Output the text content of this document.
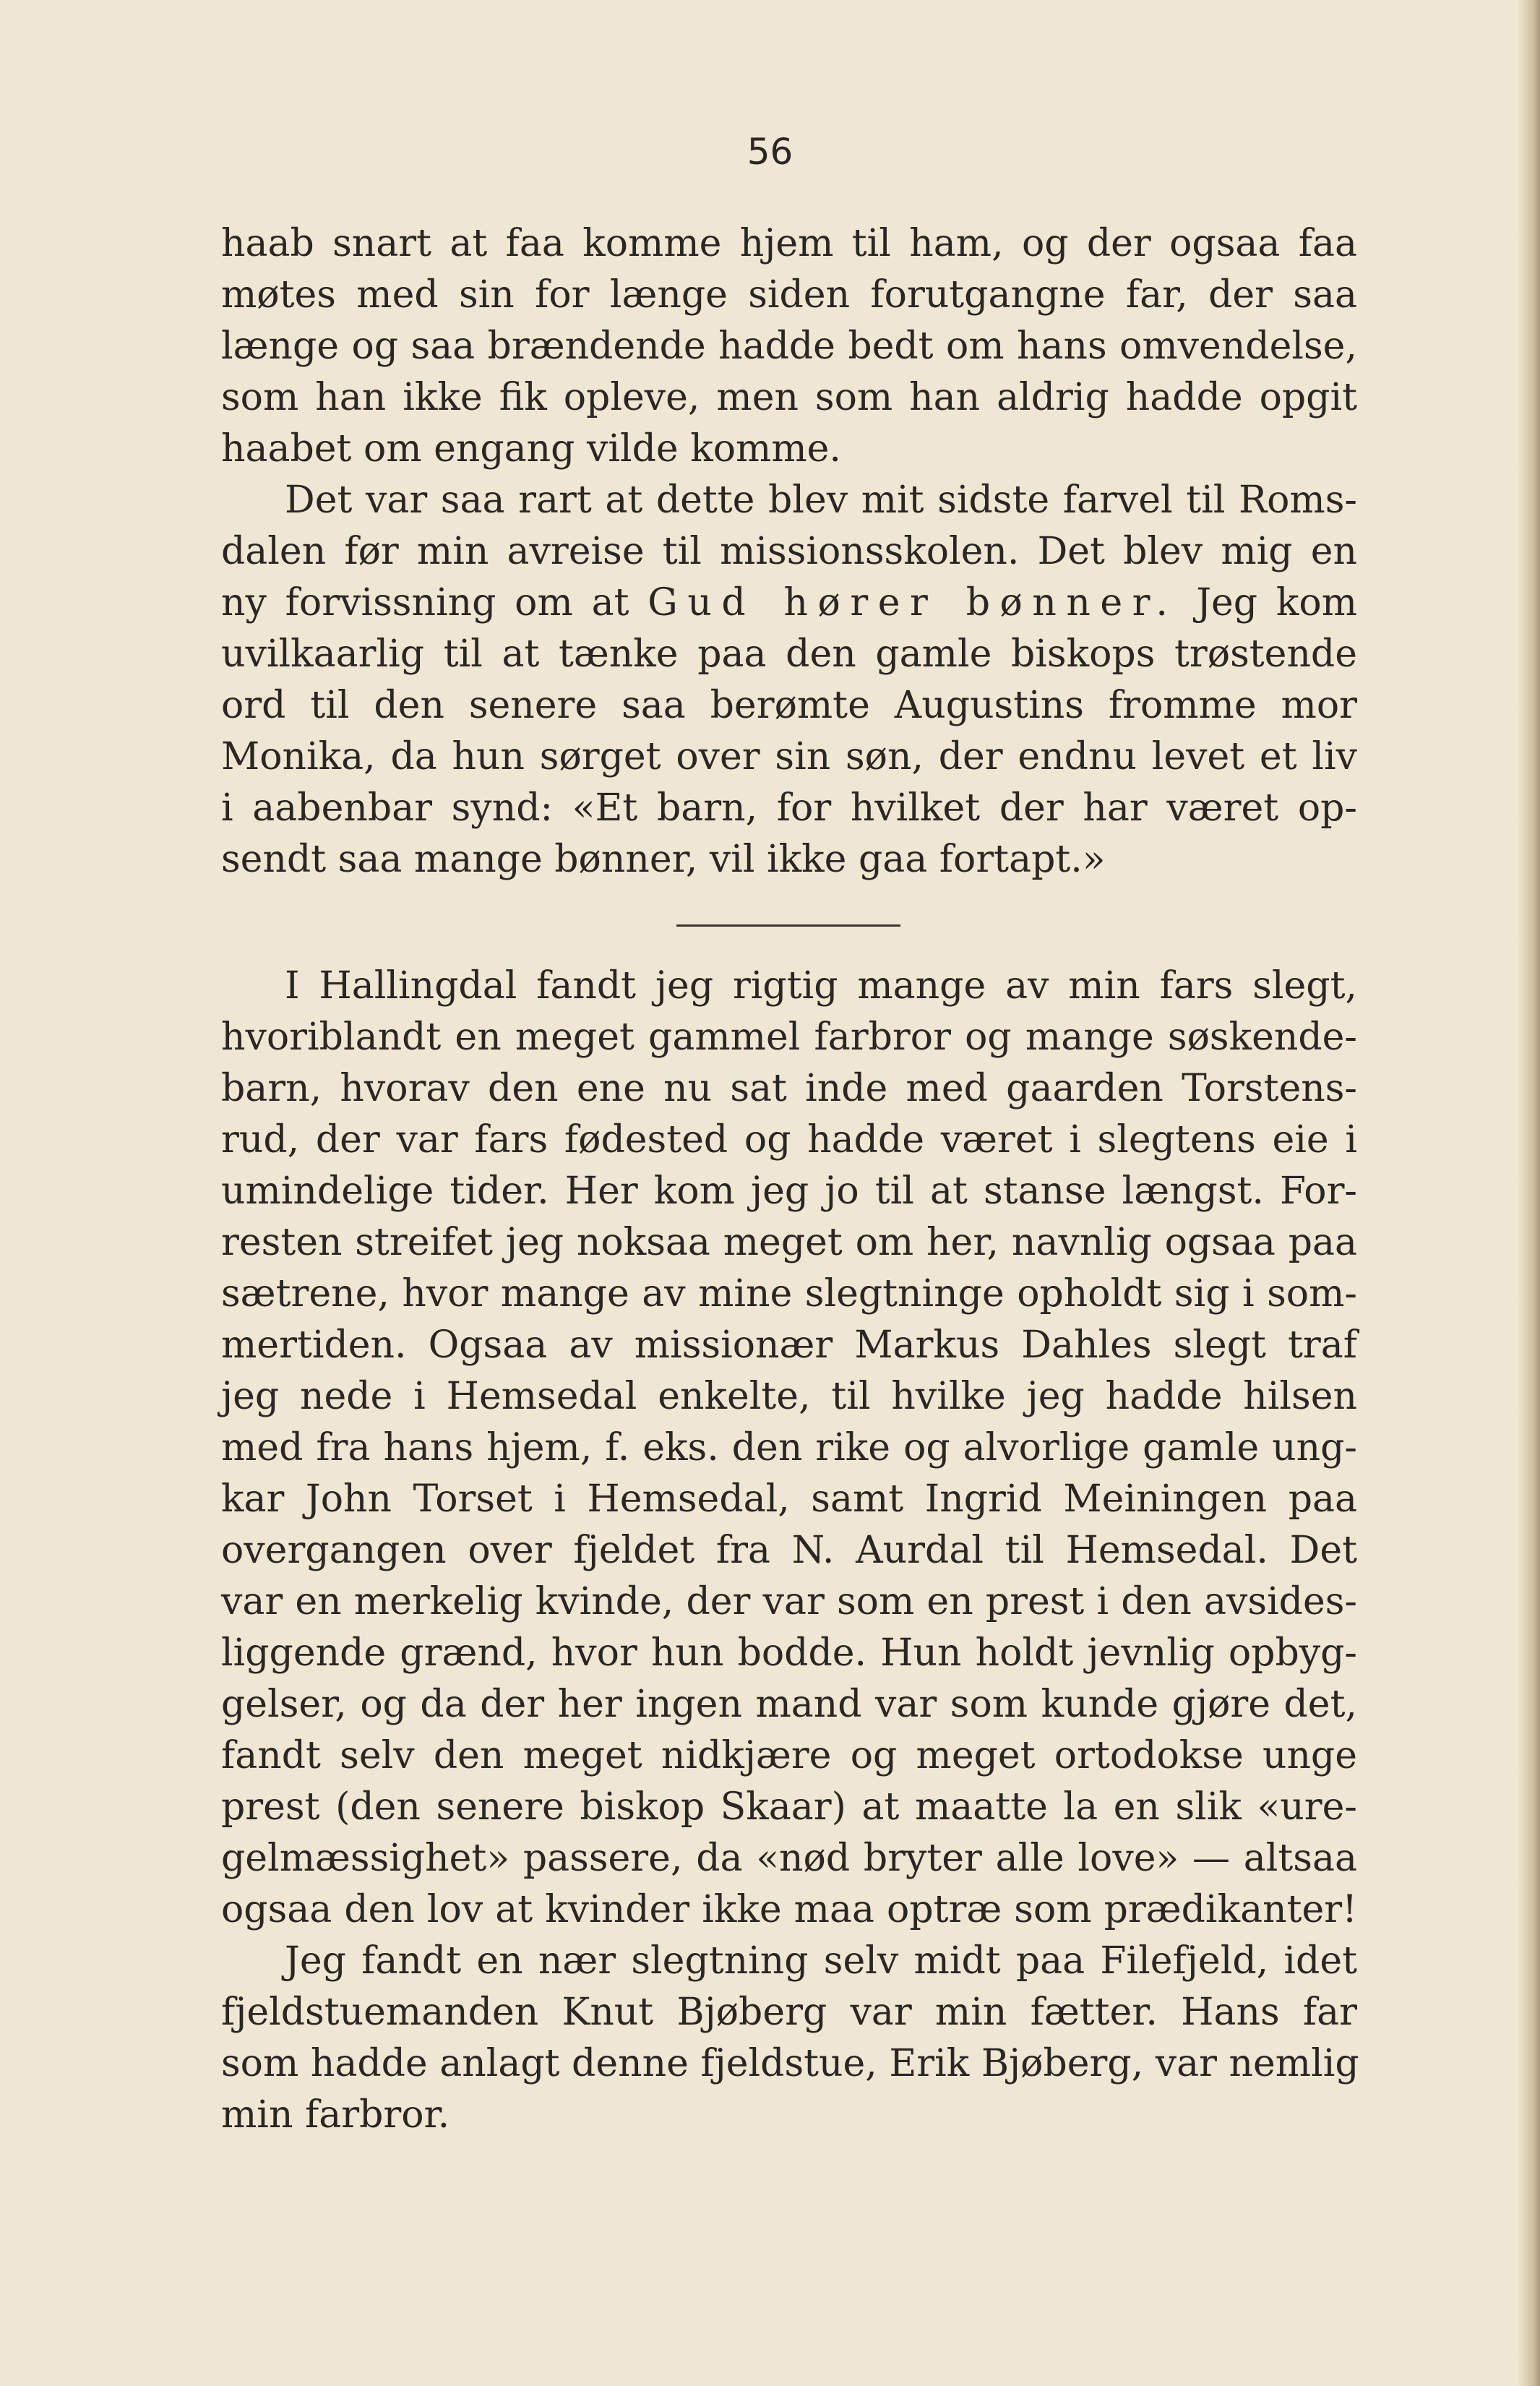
56
haab snart at faa komme hjem til ham, og der ogsaa faa
møtes med sin for længe siden forutgangne far, der saa
længe og saa brændende hadde bedt om hans omvendelse,
som han ikke fik opleve, men som han aldrig hadde opgit
haabet om engang vilde komme.
Det var saa rart at dette blev mit sidste farvel til Roms-
dalen før min avreise til missionsskolen. Det blev mig en
ny forvissning om at Gud hører bønner. Jeg kom
uvilkaarlig til at tænke paa den gamle biskops trøstende
ord til den senere saa berømte Augustins fromme mor
Monika, da hun sørget over sin søn, der endnu levet et liv
i aabenbar synd: «Et barn, for hvilket der har været op-
sendt saa mange bønner, vil ikke gaa fortapt.»
I Hallingdal fandt jeg rigtig mange av min fars slegt,
hvoriblandt en meget gammel farbror og mange søskende-
barn, hvorav den ene nu sat inde med gaarden Torstens-
rud, der var fars fødested og hadde været i slegtens eie i
umindelige tider. Her kom jeg jo til at stanse længst. For-
resten streifet jeg noksaa meget om her, navnlig ogsaa paa
sætrene, hvor mange av mine slegtninge opholdt sig i som-
mertiden. Ogsaa av missionær Markus Dahles slegt traf
jeg nede i Hemsedal enkelte, til hvilke jeg hadde hilsen
med fra hans hjem, f. eks. den rike og alvorlige gamle ung-
kar John Torset i Hemsedal, samt Ingrid Meiningen paa
overgangen over fjeldet fra N. Aurdal til Hemsedal. Det
var en merkelig kvinde, der var som en prest i den avsides-
liggende grænd, hvor hun bodde. Hun holdt jevnlig opbyg-
gelser, og da der her ingen mand var som kunde gjøre det,
fandt selv den meget nidkjære og meget ortodokse unge
prest (den senere biskop Skaar) at maatte la en slik «ure-
gelmæssighet» passere, da «nød bryter alle love» — altsaa
ogsaa den lov at kvinder ikke maa optræ som prædikanter!
Jeg fandt en nær slegtning selv midt paa Filefjeld, idet
fjeldstuemanden Knut Bjøberg var min fætter. Hans far
som hadde anlagt denne fjeldstue, Erik Bjøberg, var nemlig
min farbror.
